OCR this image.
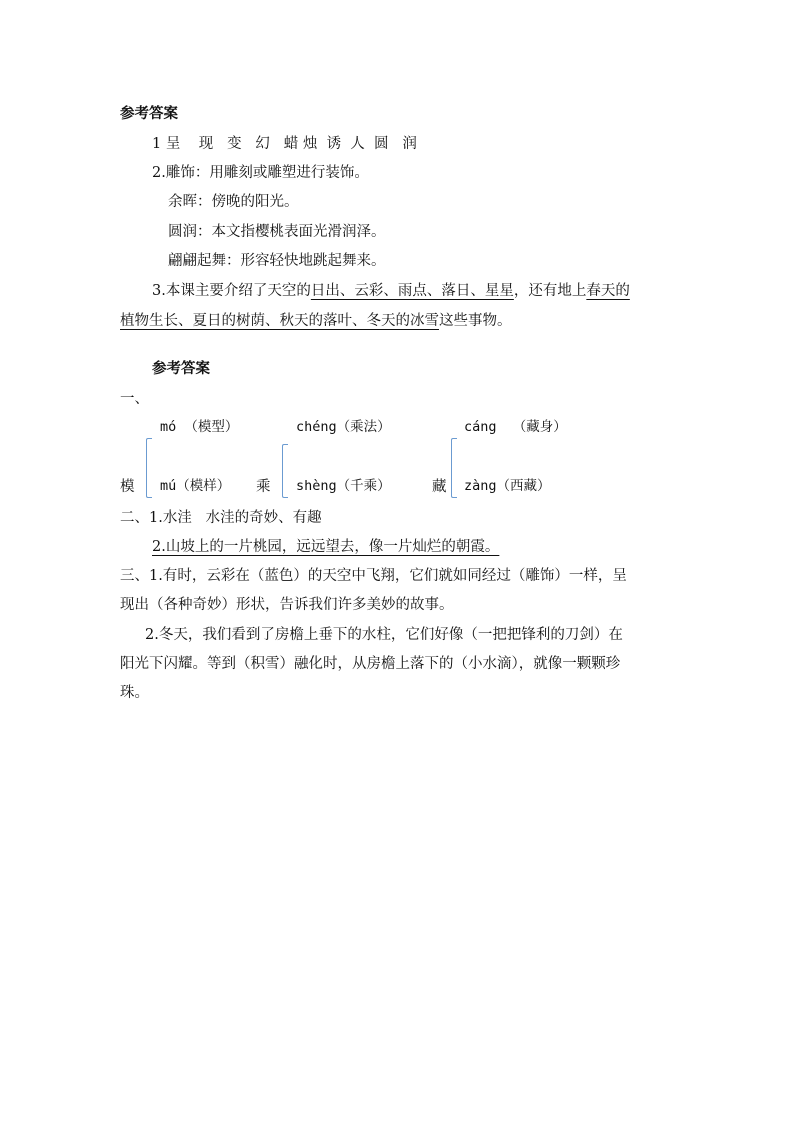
参考答案
1 呈    现   变   幻   蜡 烛  诱  人  圆   润
2.雕饰：用雕刻或雕塑进行装饰。
余晖：傍晚的阳光。
圆润：本文指樱桃表面光滑润泽。
翩翩起舞：形容轻快地跳起舞来。
3.本课主要介绍了天空的日出、云彩、雨点、落日、星星，还有地上春天的
植物生长、夏日的树荫、秋天的落叶、冬天的冰雪这些事物。
参考答案
一、
mó （模型）
模 mú（模样）
chéng（乘法）
乘 shèng（千乘）
cáng  （藏身）
藏 zàng（西藏）
二、1.水洼   水洼的奇妙、有趣
2.山坡上的一片桃园，远远望去，像一片灿烂的朝霞。
三、1.有时，云彩在（蓝色）的天空中飞翔，它们就如同经过（雕饰）一样，呈
现出（各种奇妙）形状，告诉我们许多美妙的故事。
2.冬天，我们看到了房檐上垂下的水柱，它们好像（一把把锋利的刀剑）在
阳光下闪耀。等到（积雪）融化时，从房檐上落下的（小水滴），就像一颗颗珍
珠。
